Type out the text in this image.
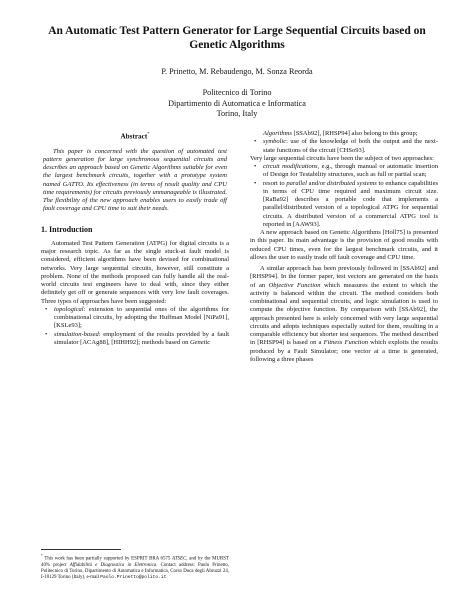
An Automatic Test Pattern Generator for Large Sequential Circuits based on Genetic Algorithms
P. Prinetto, M. Rebaudengo, M. Sonza Reorda
Politecnico di Torino
Dipartimento di Automatica e Informatica
Torino, Italy
Abstract*

This paper is concerned with the question of automated test pattern generation for large synchronous sequential circuits and describes an approach based on Genetic Algorithms suitable for even the largest benchmark circuits, together with a prototype system named GATTO. Its effectiveness (in terms of result quality and CPU time requirements) for circuits previously unmanageable is illustrated. The flexibility of the new approach enables users to easily trade off fault coverage and CPU time to suit their needs.

1. Introduction

Automated Test Pattern Generation (ATPG) for digital circuits is a major research topic. As far as the single stuck-at fault model is considered, efficient algorithms have been devised for combinational networks. Very large sequential circuits, however, still constitute a problem. None of the methods proposed can fully handle all the real-world circuits test engineers have to deal with, since they either definitely get off or generate sequences with very low fault coverages. Three types of approaches have been suggested:

• topological: extension to sequential ones of the algorithms for combinational circuits, by adopting the Huffman Model [NiPa91], [KSLe93];
• simulation-based: employment of the results provided by a fault simulator [ACAg88], [HIHH92]; methods based on Genetic
Algorithms [SSAb92], [RHSP94] also belong to this group;
• symbolic: use of the knowledge of both the output and the next-state functions of the circuit [CHSo93].

Very large sequential circuits have been the subject of two approaches:

• circuit modifications, e.g., through manual or automatic insertion of Design for Testability structures, such as full or partial scan;
• resort to parallel and/or distributed systems to enhance capabilities in terms of CPU time required and maximum circuit size. [RaBa92] describes a portable code that implements a parallel/distributed version of a topological ATPG for sequential circuits. A distributed version of a commercial ATPG tool is reported in [AAW93].

A new approach based on Genetic Algorithms [Holl75] is presented in this paper. Its main advantage is the provision of good results with reduced CPU times, even for the largest benchmark circuits, and it allows the user to easily trade off fault coverage and CPU time.

A similar approach has been previously followed in [SSAb92] and [RHSP94]. In the former paper, test vectors are generated on the basis of an Objective Function which measures the extent to which the activity is balanced within the circuit. The method considers both combinational and sequential circuits, and logic simulation is used to compute the objective function. By comparison with [SSAb92], the approach presented here is solely concerned with very large sequential circuits and adopts techniques especially suited for them, resulting in a comparable efficiency but shorter test sequences. The method described in [RHSP94] is based on a Fitness Function which exploits the results produced by a Fault Simulator; one vector at a time is generated, following a three phases

* This work has been partially supported by ESPRIT BRA 6575 ATSEC, and by the MURST 40% project Affidabilità e Diagnostica in Elettronica. Contact address: Paolo Prinetto, Politecnico di Torino, Dipartimento di Automatica e Informatica, Corso Duca degli Abruzzi 24, I-10129 Torino (Italy), e-mail Paolo.Prinetto@polito.it
